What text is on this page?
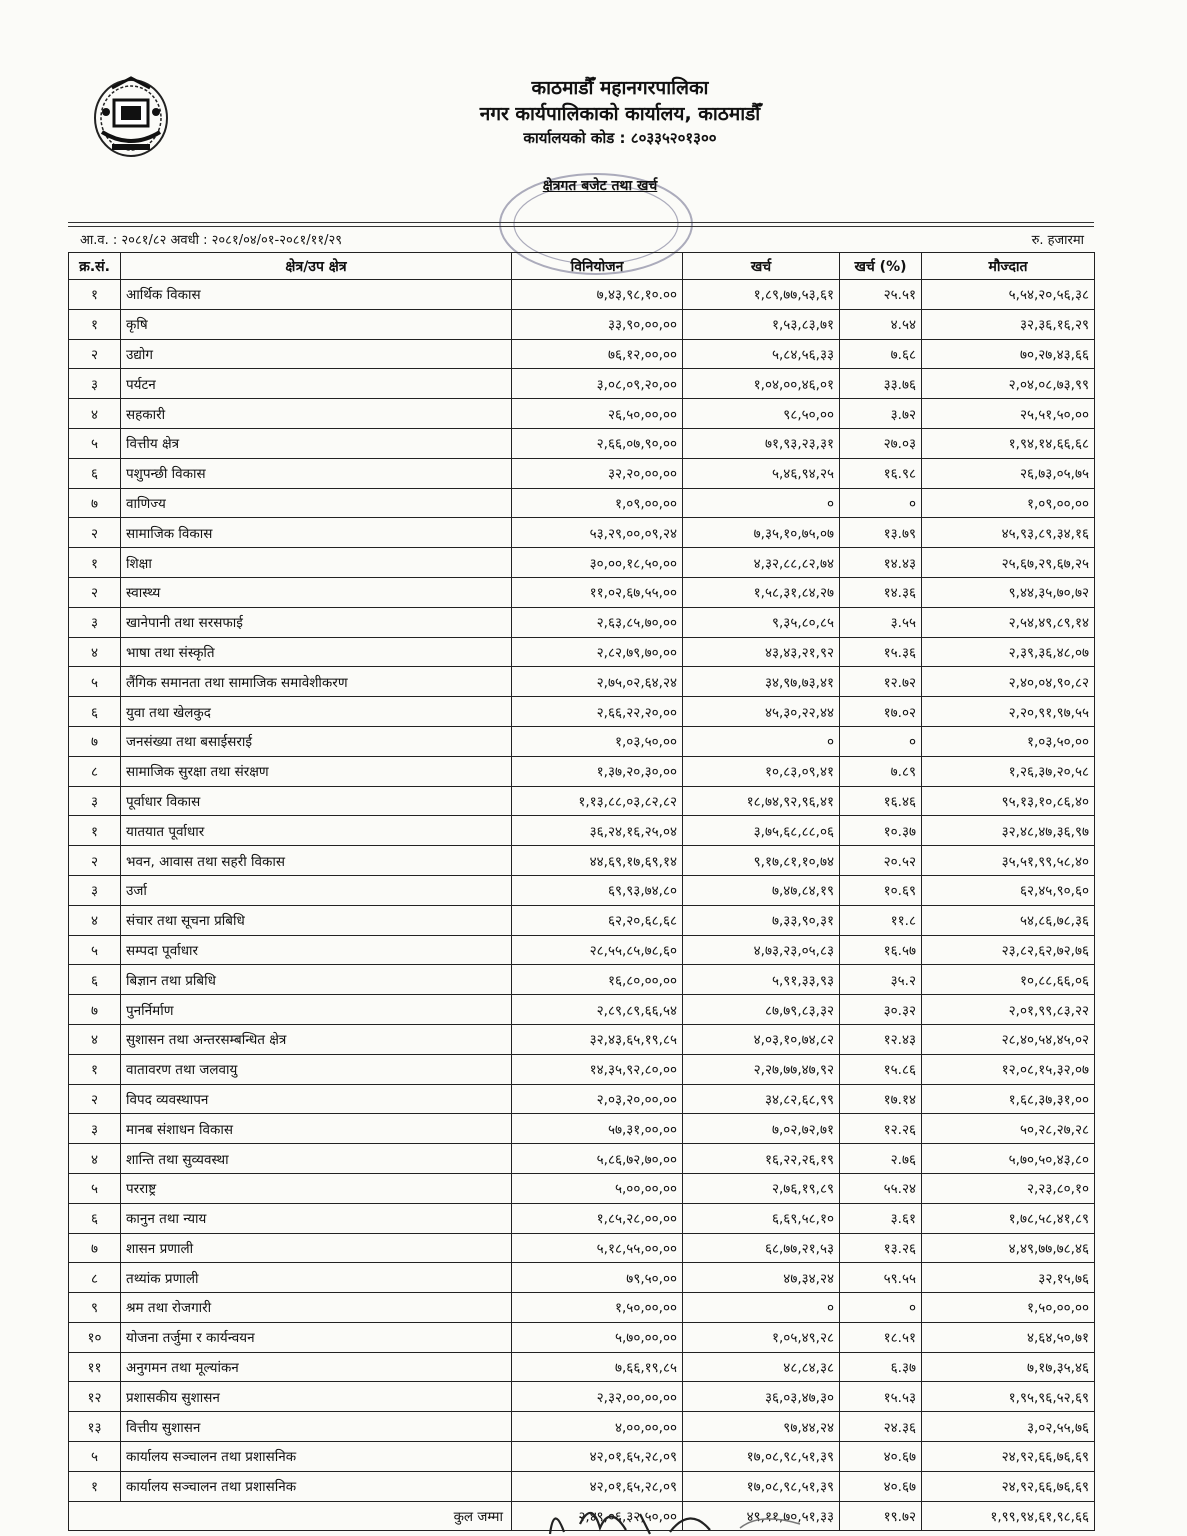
काठमाडौँ महानगरपालिका
नगर कार्यपालिकाको कार्यालय, काठमाडौँ
कार्यालयको कोड : ८०३३५२०१३००
क्षेत्रगत बजेट तथा खर्च
आ.व. : २०८१/८२ अवधी : २०८१/०४/०१-२०८१/११/२९	रु. हजारमा
क्र.सं.	क्षेत्र/उप क्षेत्र	विनियोजन	खर्च	खर्च (%)	मौज्दात
१	आर्थिक विकास	७,४३,९८,१०.००	१,८९,७७,५३,६१	२५.५१	५,५४,२०,५६,३८
१	कृषि	३३,९०,००,००	१,५३,८३,७१	४.५४	३२,३६,१६,२९
२	उद्योग	७६,१२,००,००	५,८४,५६,३३	७.६८	७०,२७,४३,६६
३	पर्यटन	३,०८,०९,२०,००	१,०४,००,४६,०१	३३.७६	२,०४,०८,७३,९९
४	सहकारी	२६,५०,००,००	९८,५०,००	३.७२	२५,५१,५०,००
५	वित्तीय क्षेत्र	२,६६,०७,९०,००	७१,९३,२३,३१	२७.०३	१,९४,१४,६६,६८
६	पशुपन्छी विकास	३२,२०,००,००	५,४६,९४,२५	१६.९८	२६,७३,०५,७५
७	वाणिज्य	१,०९,००,००	०	०	१,०९,००,००
२	सामाजिक विकास	५३,२९,००,०९,२४	७,३५,१०,७५,०७	१३.७९	४५,९३,८९,३४,१६
१	शिक्षा	३०,००,१८,५०,००	४,३२,८८,८२,७४	१४.४३	२५,६७,२९,६७,२५
२	स्वास्थ्य	११,०२,६७,५५,००	१,५८,३१,८४,२७	१४.३६	९,४४,३५,७०,७२
३	खानेपानी तथा सरसफाई	२,६३,८५,७०,००	९,३५,८०,८५	३.५५	२,५४,४९,८९,१४
४	भाषा तथा संस्कृति	२,८२,७९,७०,००	४३,४३,२१,९२	१५.३६	२,३९,३६,४८,०७
५	लैंगिक समानता तथा सामाजिक समावेशीकरण	२,७५,०२,६४,२४	३४,९७,७३,४१	१२.७२	२,४०,०४,९०,८२
६	युवा तथा खेलकुद	२,६६,२२,२०,००	४५,३०,२२,४४	१७.०२	२,२०,९१,९७,५५
७	जनसंख्या तथा बसाईसराई	१,०३,५०,००	०	०	१,०३,५०,००
८	सामाजिक सुरक्षा तथा संरक्षण	१,३७,२०,३०,००	१०,८३,०९,४१	७.८९	१,२६,३७,२०,५८
३	पूर्वाधार विकास	१,१३,८८,०३,८२,८२	१८,७४,९२,९६,४१	१६.४६	९५,१३,१०,८६,४०
१	यातयात पूर्वाधार	३६,२४,१६,२५,०४	३,७५,६८,८८,०६	१०.३७	३२,४८,४७,३६,९७
२	भवन, आवास तथा सहरी विकास	४४,६९,१७,६९,१४	९,१७,८१,१०,७४	२०.५२	३५,५१,९९,५८,४०
३	उर्जा	६९,९३,७४,८०	७,४७,८४,१९	१०.६९	६२,४५,९०,६०
४	संचार तथा सूचना प्रबिधि	६२,२०,६८,६८	७,३३,९०,३१	११.८	५४,८६,७८,३६
५	सम्पदा पूर्वाधार	२८,५५,८५,७८,६०	४,७३,२३,०५,८३	१६.५७	२३,८२,६२,७२,७६
६	बिज्ञान तथा प्रबिधि	१६,८०,००,००	५,९१,३३,९३	३५.२	१०,८८,६६,०६
७	पुनर्निर्माण	२,८९,८९,६६,५४	८७,७९,८३,३२	३०.३२	२,०१,९९,८३,२२
४	सुशासन तथा अन्तरसम्बन्धित क्षेत्र	३२,४३,६५,१९,८५	४,०३,१०,७४,८२	१२.४३	२८,४०,५४,४५,०२
१	वातावरण तथा जलवायु	१४,३५,९२,८०,००	२,२७,७७,४७,९२	१५.८६	१२,०८,१५,३२,०७
२	विपद व्यवस्थापन	२,०३,२०,००,००	३४,८२,६८,९९	१७.१४	१,६८,३७,३१,००
३	मानब संशाधन विकास	५७,३१,००,००	७,०२,७२,७१	१२.२६	५०,२८,२७,२८
४	शान्ति तथा सुव्यवस्था	५,८६,७२,७०,००	१६,२२,२६,१९	२.७६	५,७०,५०,४३,८०
५	परराष्ट्र	५,००,००,००	२,७६,१९,८९	५५.२४	२,२३,८०,१०
६	कानुन तथा न्याय	१,८५,२८,००,००	६,६९,५८,१०	३.६१	१,७८,५८,४१,८९
७	शासन प्रणाली	५,१८,५५,००,००	६८,७७,२१,५३	१३.२६	४,४९,७७,७८,४६
८	तथ्यांक प्रणाली	७९,५०,००	४७,३४,२४	५९.५५	३२,१५,७६
९	श्रम तथा रोजगारी	१,५०,००,००	०	०	१,५०,००,००
१०	योजना तर्जुमा र कार्यन्वयन	५,७०,००,००	१,०५,४९,२८	१८.५१	४,६४,५०,७१
११	अनुगमन तथा मूल्यांकन	७,६६,१९,८५	४८,८४,३८	६.३७	७,१७,३५,४६
१२	प्रशासकीय सुशासन	२,३२,००,००,००	३६,०३,४७,३०	१५.५३	१,९५,९६,५२,६९
१३	वित्तीय सुशासन	४,००,००,००	९७,४४,२४	२४.३६	३,०२,५५,७६
५	कार्यालय सञ्चालन तथा प्रशासनिक	४२,०१,६५,२८,०९	१७,०८,९८,५१,३९	४०.६७	२४,९२,६६,७६,६९
१	कार्यालय सञ्चालन तथा प्रशासनिक	४२,०१,६५,२८,०९	१७,०८,९८,५१,३९	४०.६७	२४,९२,६६,७६,६९
कुल जम्मा		२,४९,०६,३२,५०,००	४९,११,७०,५१,३३	१९.७२	१,९९,९४,६१,९८,६६
